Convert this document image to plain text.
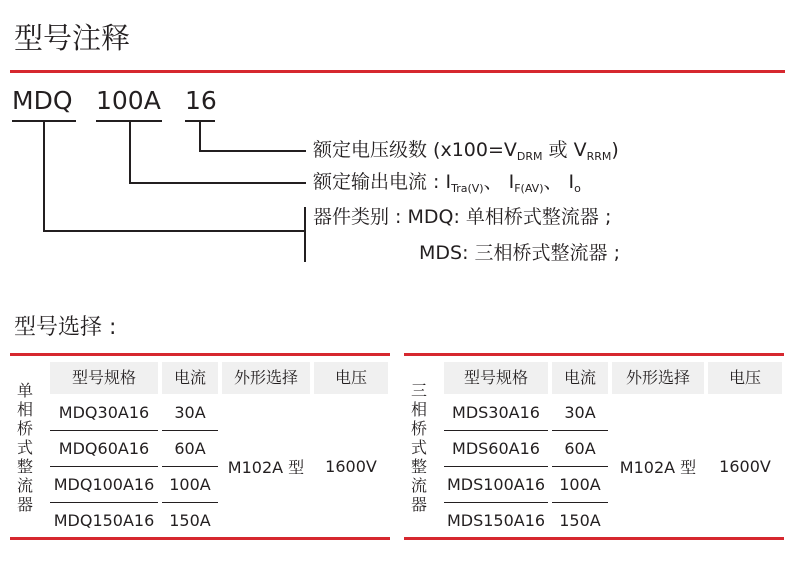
型号注释
MDQ 100A 16
额定电压级数 ($x100=V_{DRM}$ 或 $V_{RRM}$)
额定输出电流 : $I_{Tra(V)}$、 $I_{F(AV)}$、 $I_o$
器件类别 : MDQ: 单相桥式整流器 ;
MDS: 三相桥式整流器 ;
型号选择 :
型号规格	电流	外形选择	电压
单
相
桥
式
整
流
器
MDQ30A16	30A
MDQ60A16	60A
MDQ100A16 100A
MDQ150A16 150A
M102A 型	1600V
型号规格	电流	外形选择	电压
三
相
桥
式
整
流
器
MDS30A16	30A
MDS60A16	60A
MDS100A16 100A
MDS150A16 150A
M102A 型	1600V
